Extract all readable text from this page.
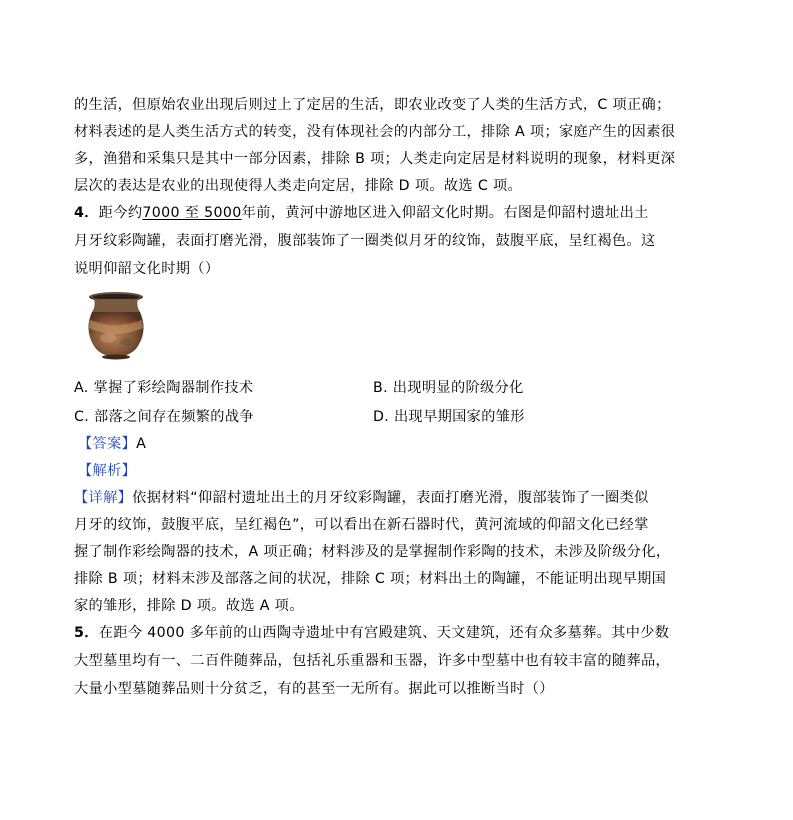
的生活，但原始农业出现后则过上了定居的生活，即农业改变了人类的生活方式，C 项正确；
材料表述的是人类生活方式的转变，没有体现社会的内部分工，排除 A 项；家庭产生的因素很
多，渔猎和采集只是其中一部分因素，排除 B 项；人类走向定居是材料说明的现象，材料更深
层次的表达是农业的出现使得人类走向定居，排除 D 项。故选 C 项。
4．距今约7000 至 5000年前，黄河中游地区进入仰韶文化时期。右图是仰韶村遗址出土
月牙纹彩陶罐，表面打磨光滑，腹部装饰了一圈类似月牙的纹饰，鼓腹平底，呈红褐色。这
说明仰韶文化时期（）
A. 掌握了彩绘陶器制作技术	B. 出现明显的阶级分化
C. 部落之间存在频繁的战争	D. 出现早期国家的雏形
【答案】A
【解析】
【详解】依据材料“仰韶村遗址出土的月牙纹彩陶罐，表面打磨光滑，腹部装饰了一圈类似
月牙的纹饰，鼓腹平底，呈红褐色”，可以看出在新石器时代，黄河流域的仰韶文化已经掌
握了制作彩绘陶器的技术，A 项正确；材料涉及的是掌握制作彩陶的技术，未涉及阶级分化，
排除 B 项；材料未涉及部落之间的状况，排除 C 项；材料出土的陶罐，不能证明出现早期国
家的雏形，排除 D 项。故选 A 项。
5．在距今 4000 多年前的山西陶寺遗址中有宫殿建筑、天文建筑，还有众多墓葬。其中少数
大型墓里均有一、二百件随葬品，包括礼乐重器和玉器，许多中型墓中也有较丰富的随葬品，
大量小型墓随葬品则十分贫乏，有的甚至一无所有。据此可以推断当时（）
